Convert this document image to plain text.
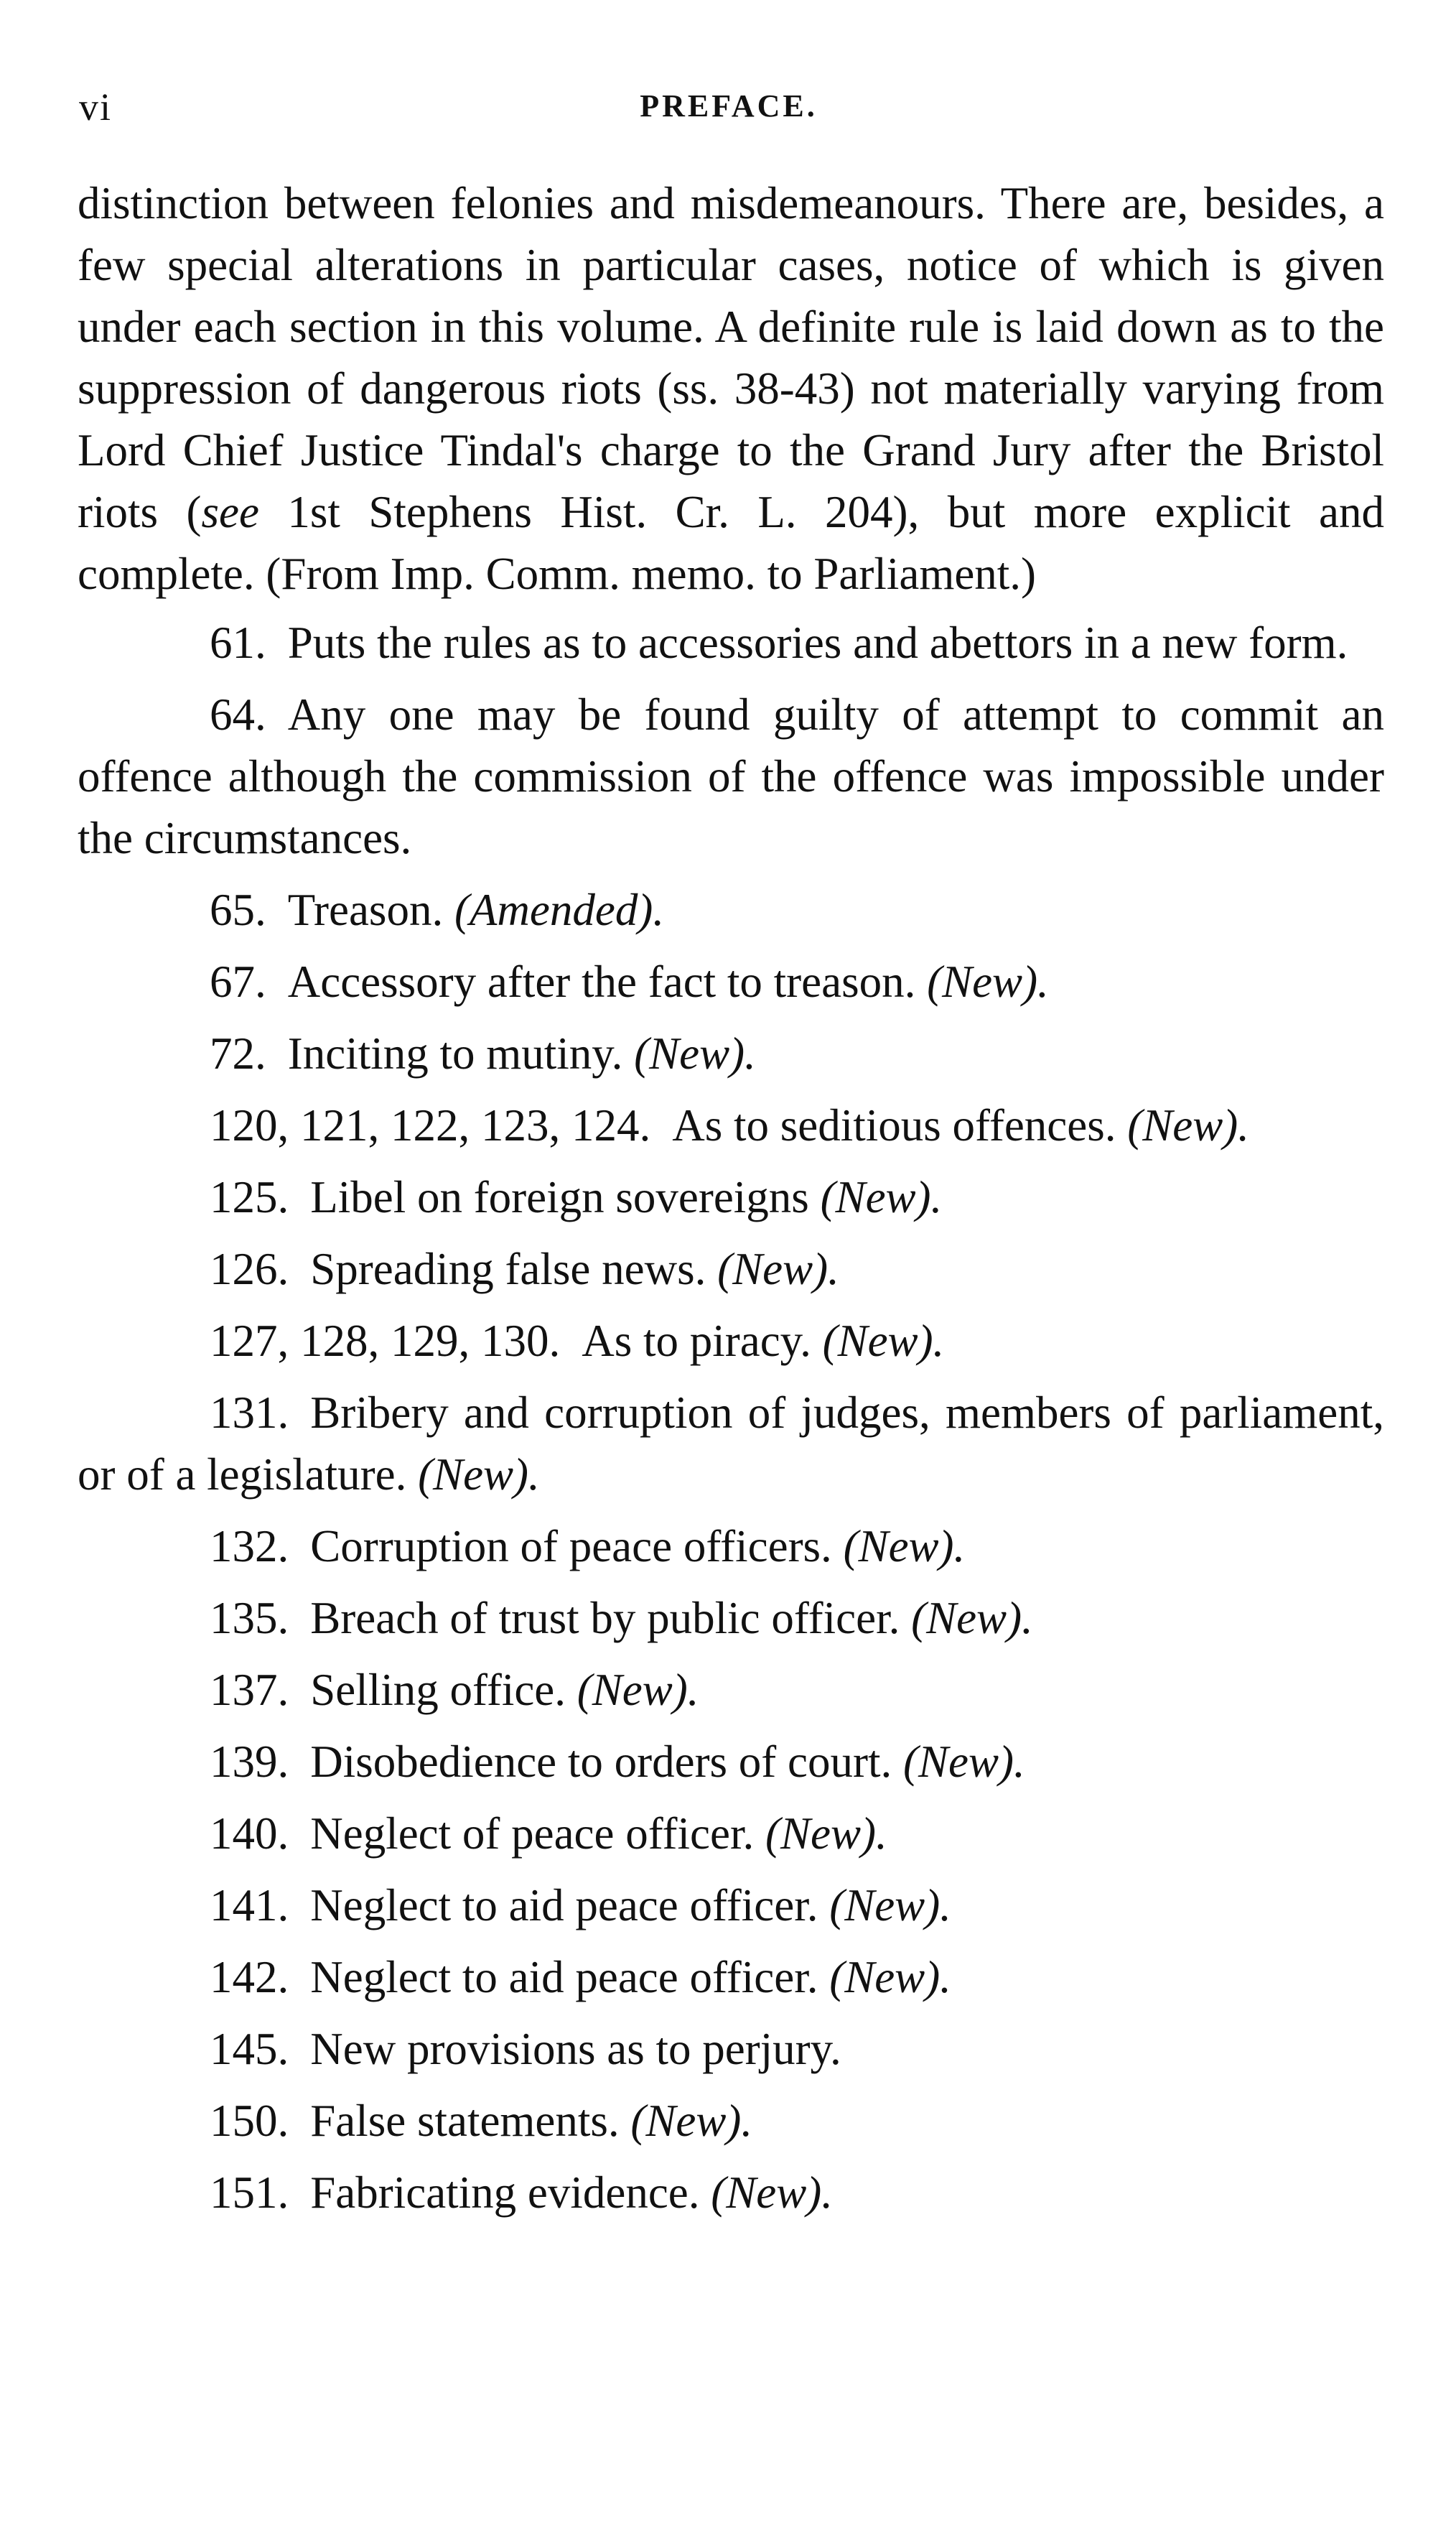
vi	PREFACE.

distinction between felonies and misdemeanours. There are, besides, a few special alterations in particular cases, notice of which is given under each section in this volume. A definite rule is laid down as to the suppression of dangerous riots (ss. 38-43) not materially varying from Lord Chief Justice Tindal's charge to the Grand Jury after the Bristol riots (see 1st Stephens Hist. Cr. L. 204), but more explicit and complete. (From Imp. Comm. memo. to Parliament.)

61. Puts the rules as to accessories and abettors in a new form.

64. Any one may be found guilty of attempt to commit an offence although the commission of the offence was impossible under the circumstances.

65. Treason. (Amended).

67. Accessory after the fact to treason. (New).

72. Inciting to mutiny. (New).

120, 121, 122, 123, 124. As to seditious offences. (New).

125. Libel on foreign sovereigns (New).

126. Spreading false news. (New).

127, 128, 129, 130. As to piracy. (New).

131. Bribery and corruption of judges, members of parliament, or of a legislature. (New).

132. Corruption of peace officers. (New).

135. Breach of trust by public officer. (New).

137. Selling office. (New).

139. Disobedience to orders of court. (New).

140. Neglect of peace officer. (New).

141. Neglect to aid peace officer. (New).

142. Neglect to aid peace officer. (New).

145. New provisions as to perjury.

150. False statements. (New).

151. Fabricating evidence. (New).
